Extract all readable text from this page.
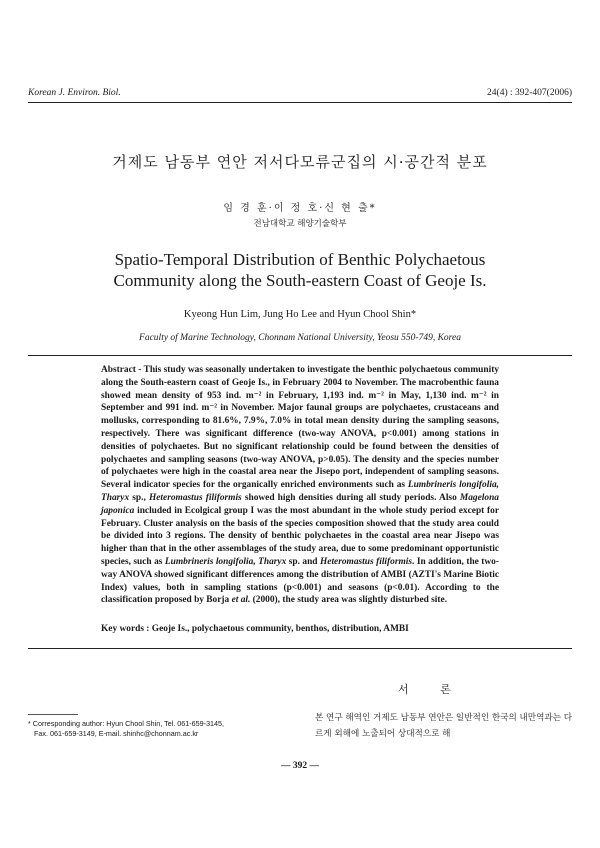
Korean J. Environ. Biol.	24(4) : 392-407(2006)
거제도 남동부 연안 저서다모류군집의 시·공간적 분포
임 경 훈·이 정 호·신 현 출*
전남대학교 해양기술학부
Spatio-Temporal Distribution of Benthic Polychaetous
Community along the South-eastern Coast of Geoje Is.
Kyeong Hun Lim, Jung Ho Lee and Hyun Chool Shin*
Faculty of Marine Technology, Chonnam National University, Yeosu 550-749, Korea
Abstract - This study was seasonally undertaken to investigate the benthic polychaetous community along the South-eastern coast of Geoje Is., in February 2004 to November. The macrobenthic fauna showed mean density of 953 ind. m⁻² in February, 1,193 ind. m⁻² in May, 1,130 ind. m⁻² in September and 991 ind. m⁻² in November. Major faunal groups are polychaetes, crustaceans and mollusks, corresponding to 81.6%, 7.9%, 7.0% in total mean density during the sampling seasons, respectively. There was significant difference (two-way ANOVA, p<0.001) among stations in densities of polychaetes. But no significant relationship could be found between the densities of polychaetes and sampling seasons (two-way ANOVA, p>0.05). The density and the species number of polychaetes were high in the coastal area near the Jisepo port, independent of sampling seasons. Several indicator species for the organically enriched environments such as Lumbrineris longifolia, Tharyx sp., Heteromastus filiformis showed high densities during all study periods. Also Magelona japonica included in Ecolgical group I was the most abundant in the whole study period except for February. Cluster analysis on the basis of the species composition showed that the study area could be divided into 3 regions. The density of benthic polychaetes in the coastal area near Jisepo was higher than that in the other assemblages of the study area, due to some predominant opportunistic species, such as Lumbrineris longifolia, Tharyx sp. and Heteromastus filiformis. In addition, the two-way ANOVA showed significant differences among the distribution of AMBI (AZTI's Marine Biotic Index) values, both in sampling stations (p<0.001) and seasons (p<0.01). According to the classification proposed by Borja et al. (2000), the study area was slightly disturbed site.
Key words : Geoje Is., polychaetous community, benthos, distribution, AMBI
서 론
본 연구 해역인 거제도 남동부 연안은 일반적인 한국의 내만역과는 다르게 외해에 노출되어 상대적으로 해
* Corresponding author: Hyun Chool Shin, Tel. 061-659-3145,
Fax. 061-659-3149, E-mail. shinhc@chonnam.ac.kr
— 392 —
